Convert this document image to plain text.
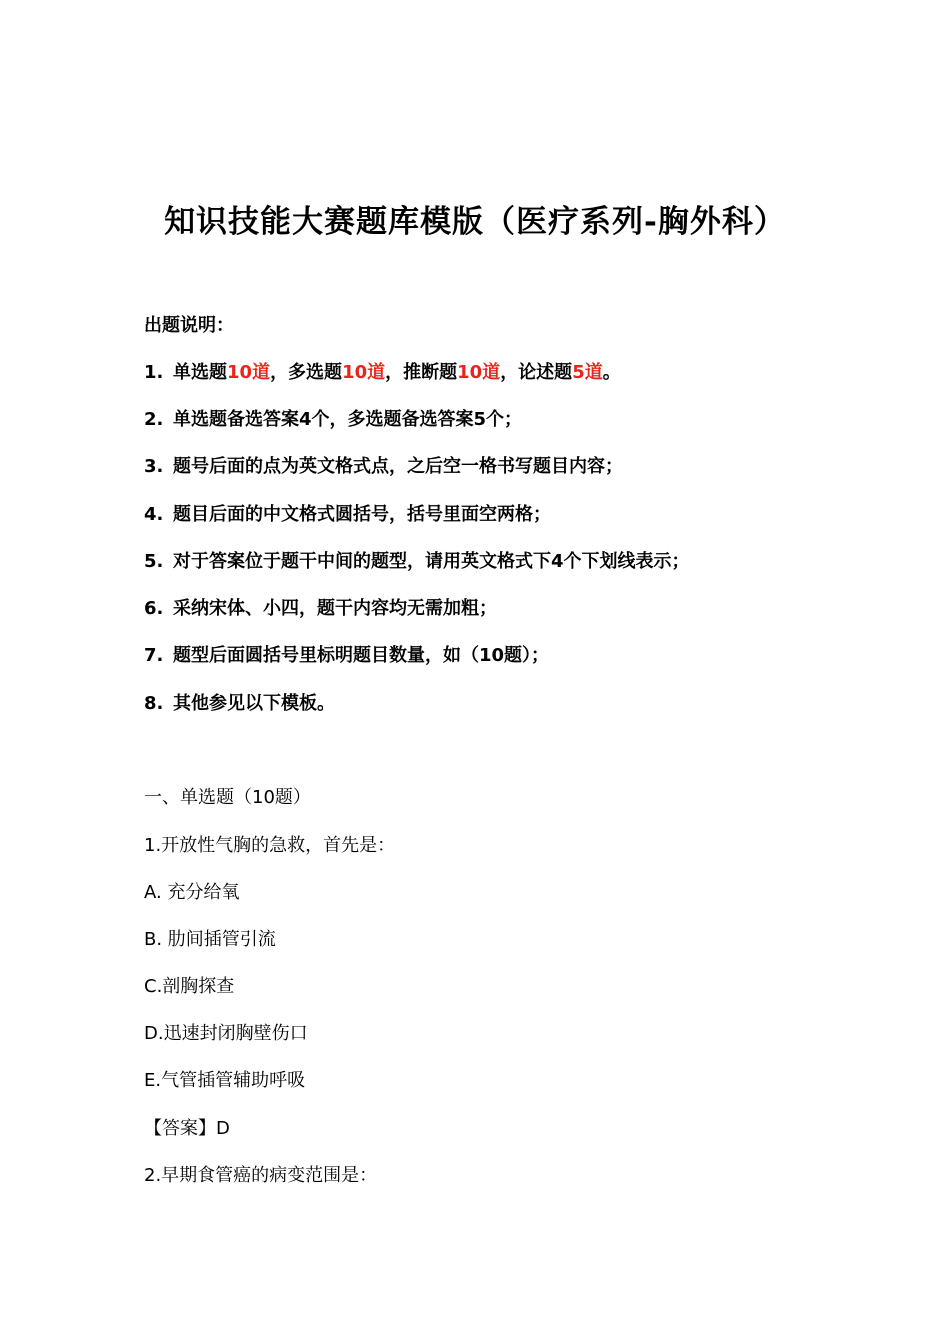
知识技能大赛题库模版（医疗系列-胸外科）
出题说明：
1. 单选题10道，多选题10道，推断题10道，论述题5道。
2. 单选题备选答案4个，多选题备选答案5个；
3. 题号后面的点为英文格式点，之后空一格书写题目内容；
4. 题目后面的中文格式圆括号，括号里面空两格；
5. 对于答案位于题干中间的题型，请用英文格式下4个下划线表示；
6. 采纳宋体、小四，题干内容均无需加粗；
7. 题型后面圆括号里标明题目数量，如（10题）；
8. 其他参见以下模板。
一、单选题（10题）
1.开放性气胸的急救，首先是：
A. 充分给氧
B. 肋间插管引流
C.剖胸探查
D.迅速封闭胸壁伤口
E.气管插管辅助呼吸
【答案】D
2.早期食管癌的病变范围是：
